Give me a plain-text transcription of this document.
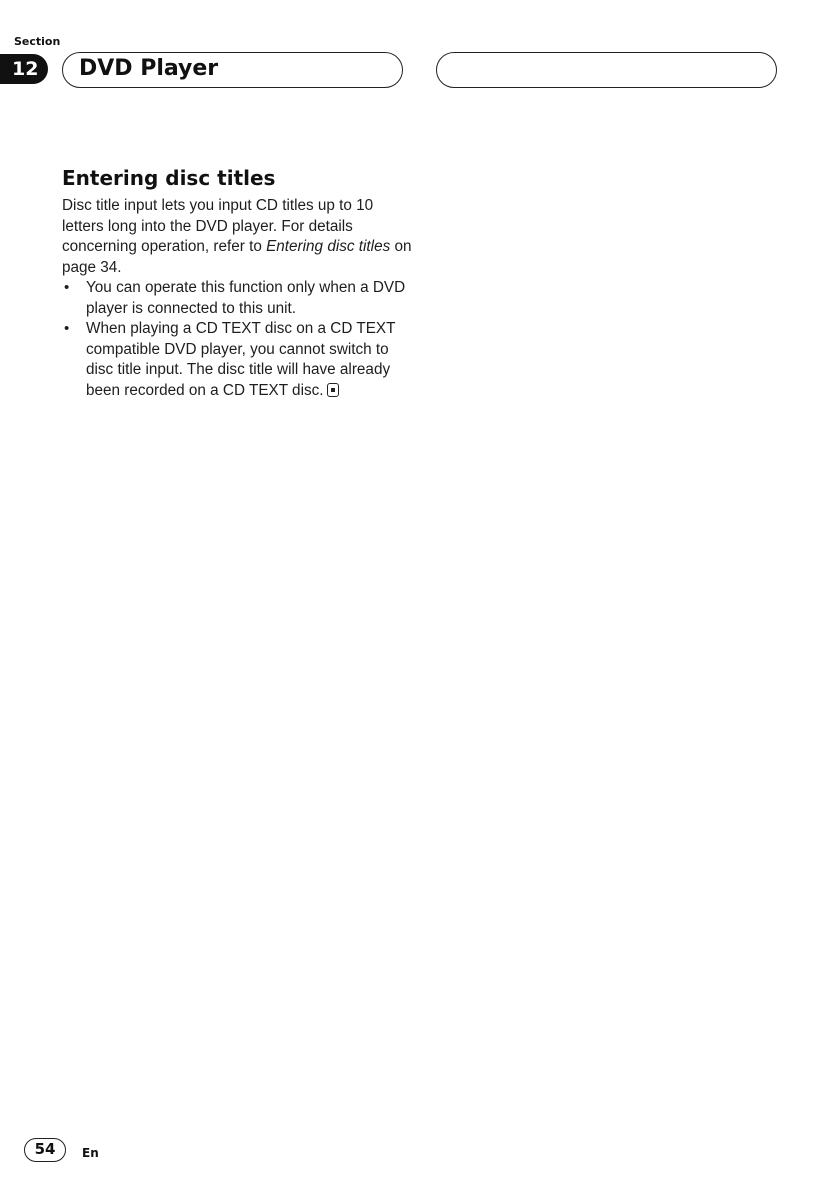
Section
12	DVD Player
Entering disc titles

Disc title input lets you input CD titles up to 10 letters long into the DVD player. For details concerning operation, refer to Entering disc titles on page 34.

• You can operate this function only when a DVD player is connected to this unit.
• When playing a CD TEXT disc on a CD TEXT compatible DVD player, you cannot switch to disc title input. The disc title will have already been recorded on a CD TEXT disc.
54	En
